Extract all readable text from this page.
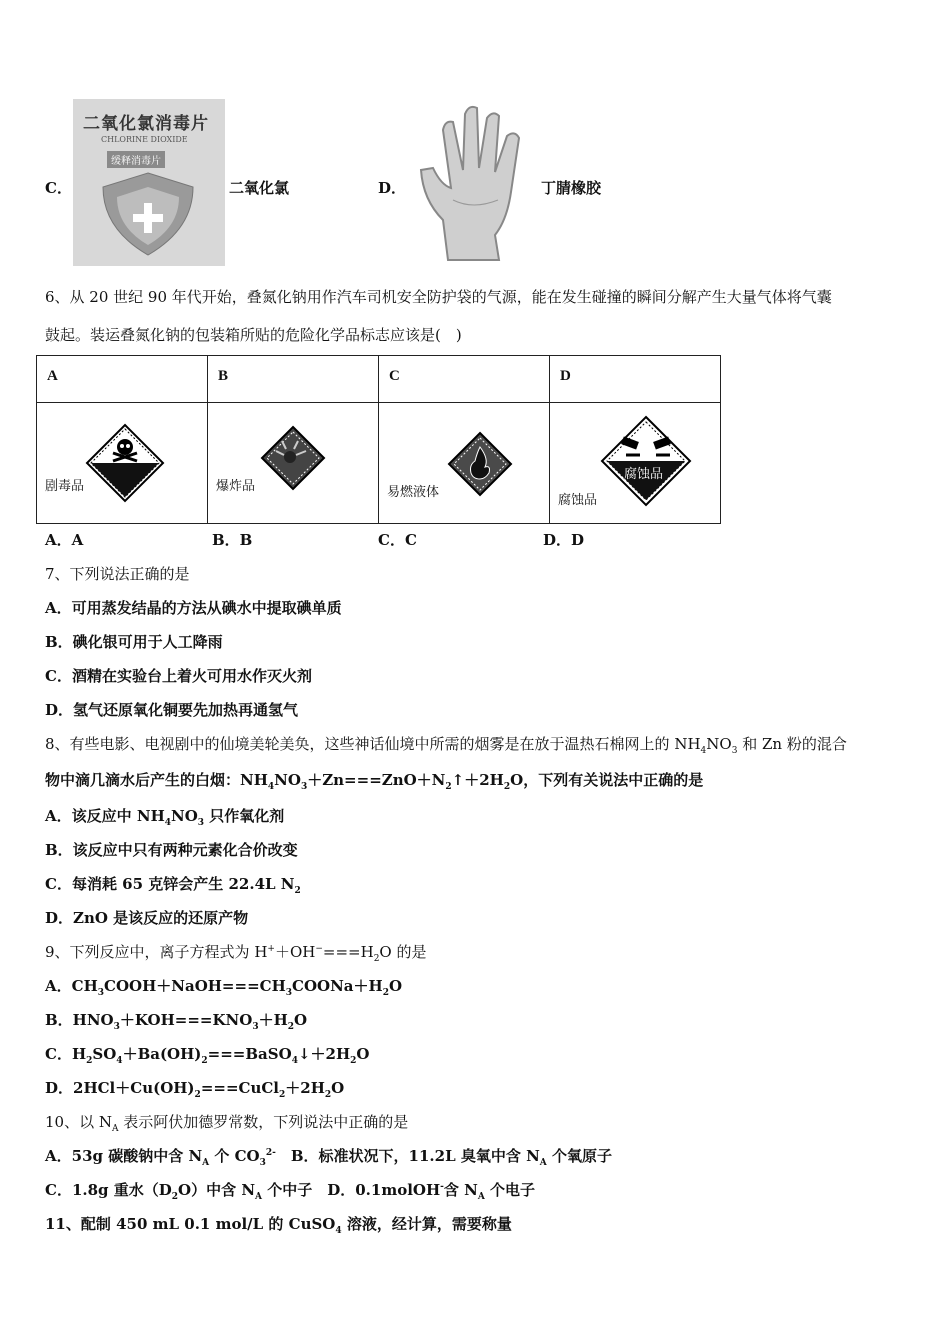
C．
二氧化氯消毒片
CHLORINE DIOXIDE
缓释消毒片
二氧化氯	D．	丁腈橡胶
6、从 20 世纪 90 年代开始，叠氮化钠用作汽车司机安全防护袋的气源，能在发生碰撞的瞬间分解产生大量气体将气囊
鼓起。装运叠氮化钠的包装箱所贴的危险化学品标志应该是(　)
A	B	C	D

剧毒品	爆炸品	易燃液体	腐蚀品
腐蚀品
A．A	B．B	C．C	D．D
7、下列说法正确的是
A．可用蒸发结晶的方法从碘水中提取碘单质
B．碘化银可用于人工降雨
C．酒精在实验台上着火可用水作灭火剂
D．氢气还原氧化铜要先加热再通氢气
8、有些电影、电视剧中的仙境美轮美奂，这些神话仙境中所需的烟雾是在放于温热石棉网上的 $NH_4NO_3$ 和 Zn 粉的混合
物中滴几滴水后产生的白烟：$NH_4NO_3+Zn===ZnO+N_2↑+2H_2O$，下列有关说法中正确的是
A．该反应中 $NH_4NO_3$ 只作氧化剂
B．该反应中只有两种元素化合价改变
C．每消耗 65 克锌会产生 22.4L $N_2$
D．ZnO 是该反应的还原产物
9、下列反应中，离子方程式为 $H^++OH^-===H_2O$ 的是
A．$CH_3COOH+NaOH===CH_3COONa+H_2O$
B．$HNO_3+KOH===KNO_3+H_2O$
C．$H_2SO_4+Ba(OH)_2===BaSO_4↓+2H_2O$
D．$2HCl+Cu(OH)_2===CuCl_2+2H_2O$
10、以 $N_A$ 表示阿伏加德罗常数，下列说法中正确的是
A．53g 碳酸钠中含 $N_A$ 个 $CO_3^{2-}$　B．标准状况下，11.2L 臭氧中含 $N_A$ 个氧原子
C．1.8g 重水$(D_2O)$中含 $N_A$ 个中子　D．0.1molOH-含 $N_A$ 个电子
11、配制 450 mL 0.1 mol/L 的 CuSO$_4$ 溶液，经计算，需要称量
